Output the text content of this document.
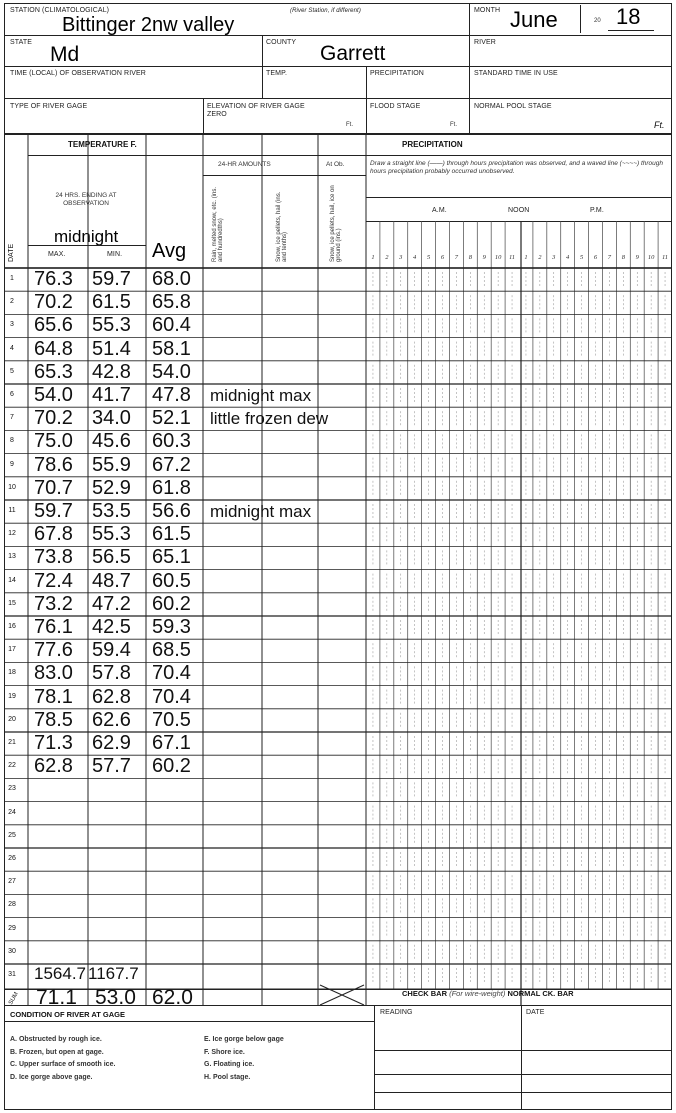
STATION (CLIMATOLOGICAL)	(River Station, if different)
Bittinger 2nw valley
MONTH June	20 18
STATE
Md
COUNTY Garrett	RIVER
TIME (LOCAL) OF OBSERVATION RIVER	TEMP.	PRECIPITATION	STANDARD TIME IN USE
TYPE OF RIVER GAGE	ELEVATION OF RIVER GAGE ZERO
Ft.
FLOOD STAGE
Ft.
NORMAL POOL STAGE
Ft.
TEMPERATURE F.	PRECIPITATION
24 HRS. ENDING AT OBSERVATION
midnight
MAX.	MIN. Avg
DATE
24-HR AMOUNTS	At Ob.
Rain, melted snow, etc. (ins. and hundredths)	Snow, ice pellets, hail (ins. and tenths)	Snow, ice pellets, hail, ice on ground (ins.)
Draw a straight line (——) through hours precipitation was observed, and a waved line (~~~~) through hours precipitation probably occurred unobserved.
A.M.	NOON	P.M.
1 2 3 4 5 6 7 8 9 10 11 1 2 3 4 5 6 7 8 9 10 11
1 76.3 59.7 68.0
2 70.2 61.5 65.8
3 65.6 55.3 60.4
4 64.8 51.4 58.1
5 65.3 42.8 54.0
6 54.0 41.7 47.8 midnight max
7 70.2 34.0 52.1 little frozen dew
8 75.0 45.6 60.3
9 78.6 55.9 67.2
10 70.7 52.9 61.8
11 59.7 53.5 56.6 midnight max
12 67.8 55.3 61.5
13 73.8 56.5 65.1
14 72.4 48.7 60.5
15 73.2 47.2 60.2
16 76.1 42.5 59.3
17 77.6 59.4 68.5
18 83.0 57.8 70.4
19 78.1 62.8 70.4
20 78.5 62.6 70.5
21 71.3 62.9 67.1
22 62.8 57.7 60.2
23
24
25
26
27
28
29
30
31 1564.7 1167.7
SUM 71.1 53.0 62.0	CHECK BAR (For wire-weight) NORMAL CK. BAR
CONDITION OF RIVER AT GAGE	READING	DATE
A. Obstructed by rough ice.
B. Frozen, but open at gage.
C. Upper surface of smooth ice.
D. Ice gorge above gage.
E. Ice gorge below gage
F. Shore ice.
G. Floating ice.
H. Pool stage.
